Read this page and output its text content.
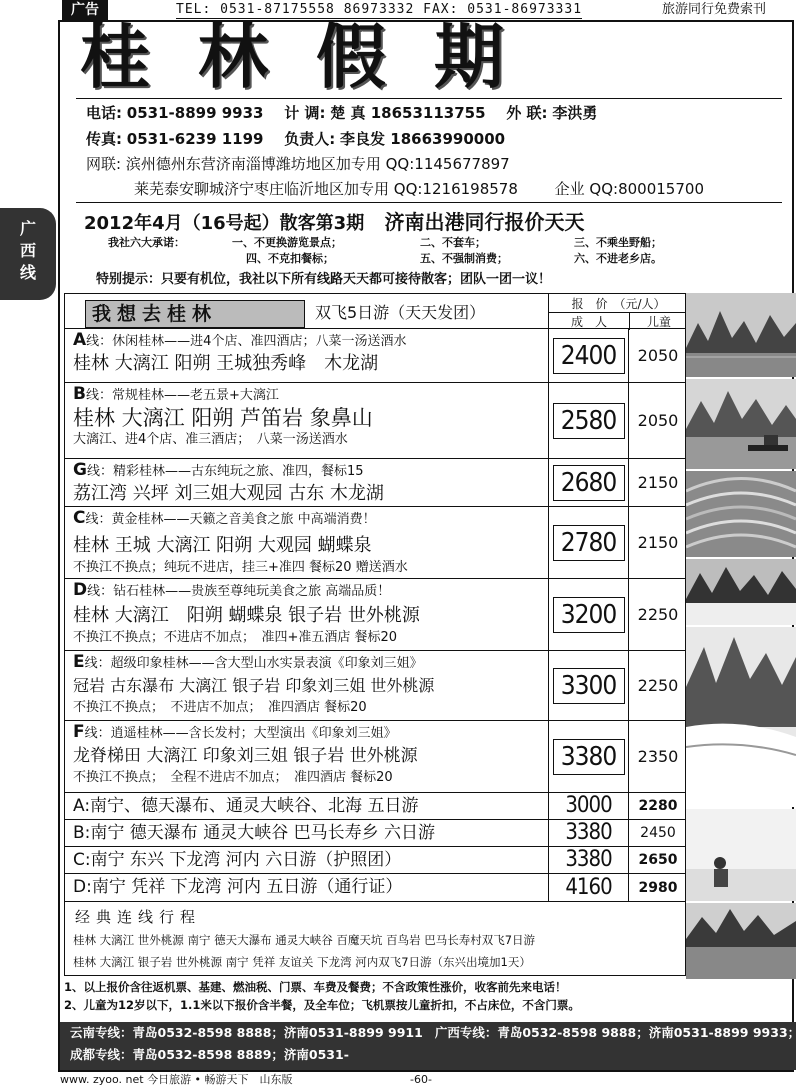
广告	TEL: 0531-87175558 86973332 FAX: 0531-86973331	旅游同行免费索刊
广
西
线
桂林假期
电话: 0531-8899 9933 计 调: 楚 真 18653113755 外 联: 李洪勇
传真: 0531-6239 1199 负责人: 李良发 18663990000
网联: 滨州德州东营济南淄博潍坊地区加专用 QQ:1145677897
莱芜泰安聊城济宁枣庄临沂地区加专用 QQ:1216198578 企业 QQ:800015700
2012年4月（16号起）散客第3期 济南出港同行报价天天
我社六大承诺：	一、不更换游览景点；	二、不套车；	三、不乘坐野船；
四、不克扣餐标；	五、不强制消费；	六、不进老乡店。
特别提示：只要有机位，我社以下所有线路天天都可接待散客；团队一团一议！
我想去桂林	双飞5日游（天天发团）	报　价　（元/人）
成　人	儿童
A线：休闲桂林——进4个店、准四酒店；八菜一汤送酒水
桂林 大漓江 阳朔 王城独秀峰　木龙湖	2400	2050
B线：常规桂林——老五景+大漓江
桂林 大漓江 阳朔 芦笛岩 象鼻山
大漓江、进4个店、准三酒店；　八菜一汤送酒水
2580	2050
G线：精彩桂林——古东纯玩之旅、准四，餐标15
荔江湾 兴坪 刘三姐大观园 古东 木龙湖	2680	2150
C线：黄金桂林——天籁之音美食之旅 中高端消费！
桂林 王城 大漓江 阳朔 大观园 蝴蝶泉
不换江不换点；纯玩不进店，挂三+准四 餐标20 赠送酒水
2780	2150
D线：钻石桂林——贵族至尊纯玩美食之旅 高端品质！
桂林 大漓江　阳朔 蝴蝶泉 银子岩 世外桃源
不换江不换点；不进店不加点；　准四+准五酒店 餐标20
3200	2250
E线：超级印象桂林——含大型山水实景表演《印象刘三姐》
冠岩 古东瀑布 大漓江 银子岩 印象刘三姐 世外桃源
不换江不换点；　不进店不加点；　准四酒店 餐标20
3300	2250
F线：逍遥桂林——含长发村；大型演出《印象刘三姐》
龙脊梯田 大漓江 印象刘三姐 银子岩 世外桃源
不换江不换点；　全程不进店不加点；　准四酒店 餐标20
3380	2350
A:南宁、德天瀑布、通灵大峡谷、北海 五日游	3000	2280
B:南宁 德天瀑布 通灵大峡谷 巴马长寿乡 六日游	3380	2450
C:南宁 东兴 下龙湾 河内 六日游（护照团）	3380	2650
D:南宁 凭祥 下龙湾 河内 五日游（通行证）	4160	2980
经典连线行程
桂林 大漓江 世外桃源 南宁 德天大瀑布 通灵大峡谷 百魔天坑 百鸟岩 巴马长寿村双飞7日游
桂林 大漓江 银子岩 世外桃源 南宁 凭祥 友谊关 下龙湾 河内双飞7日游（东兴出境加1天）
1、以上报价含往返机票、基建、燃油税、门票、车费及餐费；不含政策性涨价，收客前先来电话！
2、儿童为12岁以下，1.1米以下报价含半餐，及全车位；飞机票按儿童折扣，不占床位，不含门票。
云南专线：青岛0532-8598 8888；济南0531-8899 9911 广西专线：青岛0532-8598 9888；济南0531-8899 9933；
成都专线：青岛0532-8598 8889；济南0531-
www. zyoo. net 今日旅游 • 畅游天下　山东版	-60-
